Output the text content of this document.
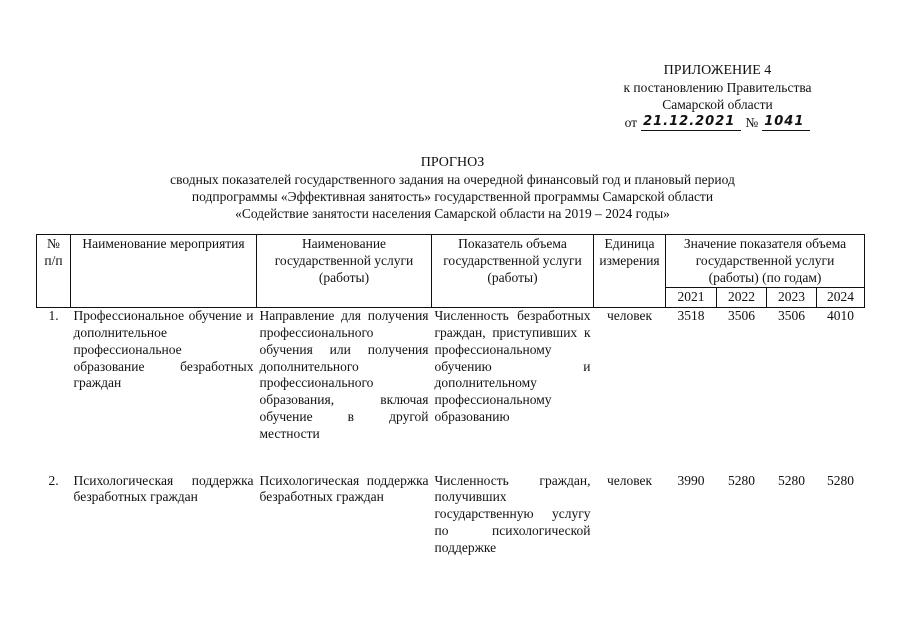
ПРИЛОЖЕНИЕ 4
к постановлению Правительства
Самарской области
от 21.12.2021 № 1041
ПРОГНОЗ
сводных показателей государственного задания на очередной финансовый год и плановый период
подпрограммы «Эффективная занятость» государственной программы Самарской области
«Содействие занятости населения Самарской области на 2019 – 2024 годы»
№ п/п	Наименование мероприятия	Наименование государственной услуги (работы)	Показатель объема государственной услуги (работы)	Единица измерения	Значение показателя объема государственной услуги (работы) (по годам)			
					2021	2022	2023	2024
1.	Профессиональное обучение и дополнительное профессиональное образование безработных граждан	Направление для получения профессионального обучения или получения дополнительного профессионального образования, включая обучение в другой местности	Численность безработных граждан, приступивших к профессиональному обучению и дополнительному профессиональному образованию	человек	3518	3506	3506	4010
2.	Психологическая поддержка безработных граждан	Психологическая поддержка безработных граждан	Численность граждан, получивших государственную услугу по психологической поддержке	человек	3990	5280	5280	5280
